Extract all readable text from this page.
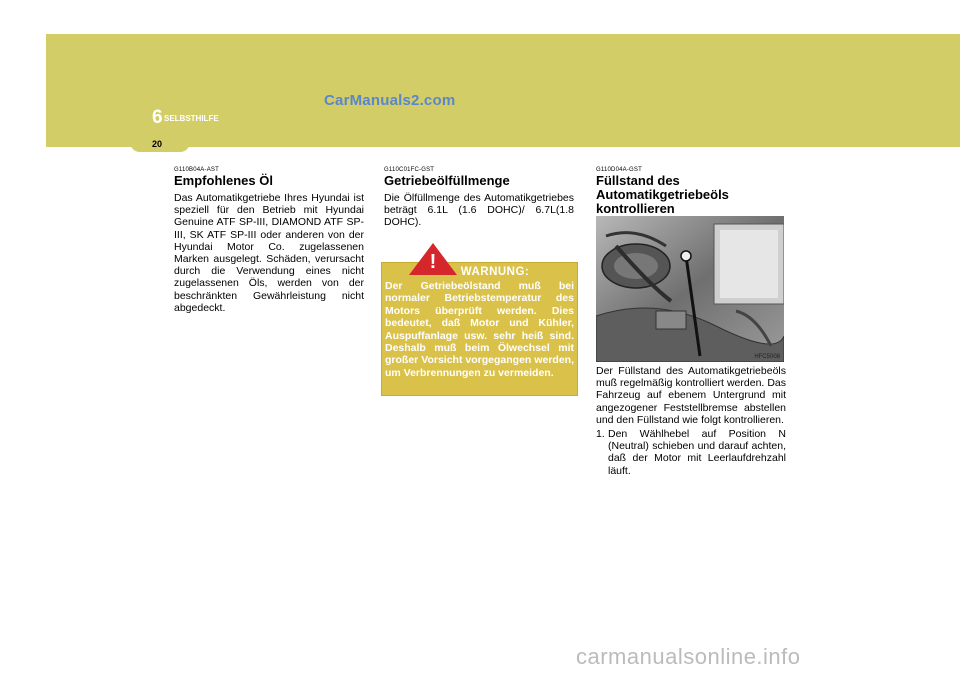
6 SELBSTHILFE
20
CarManuals2.com
G110B04A-AST
Empfohlenes Öl

Das Automatikgetriebe Ihres Hyundai ist speziell für den Betrieb mit Hyundai Genuine ATF SP-III, DIAMOND ATF SP-III, SK ATF SP-III oder anderen von der Hyundai Motor Co. zugelassenen Marken ausgelegt. Schäden, verursacht durch die Verwendung eines nicht zugelassenen Öls, werden von der beschränkten Gewährleistung nicht abgedeckt.

G110C01FC-GST
Getriebeölfüllmenge

Die Ölfüllmenge des Automatikgetriebes beträgt 6.1L (1.6 DOHC)/ 6.7L(1.8 DOHC).

!	WARNUNG:
Der Getriebeölstand muß bei normaler Betriebstemperatur des Motors überprüft werden. Dies bedeutet, daß Motor und Kühler, Auspuffanlage usw. sehr heiß sind. Deshalb muß beim Ölwechsel mit großer Vorsicht vorgegangen werden, um Verbrennungen zu vermeiden.
G110D04A-GST
Füllstand des Automatikgetriebeöls kontrollieren
HFC5008

Der Füllstand des Automatikgetriebeöls muß regelmäßig kontrolliert werden. Das Fahrzeug auf ebenem Untergrund mit angezogener Feststellbremse abstellen und den Füllstand wie folgt kontrollieren.

1. Den Wählhebel auf Position N (Neutral) schieben und darauf achten, daß der Motor mit Leerlaufdrehzahl läuft.
carmanualsonline.info
